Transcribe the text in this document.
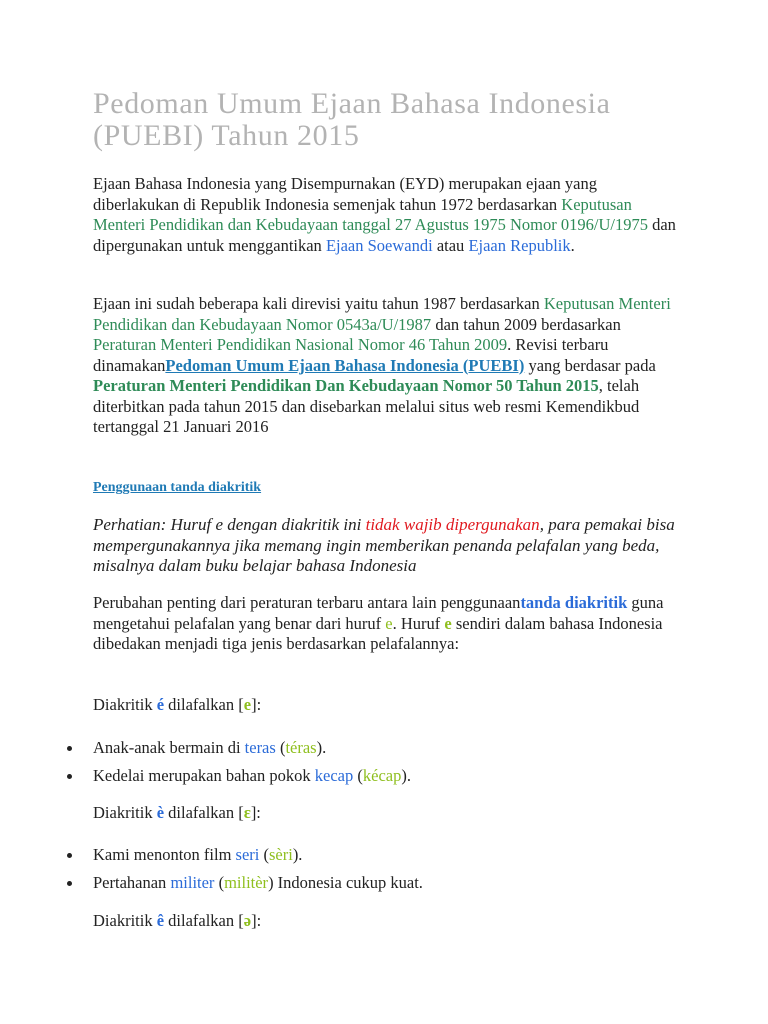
Pedoman Umum Ejaan Bahasa Indonesia (PUEBI) Tahun 2015
Ejaan Bahasa Indonesia yang Disempurnakan (EYD) merupakan ejaan yang diberlakukan di Republik Indonesia semenjak tahun 1972 berdasarkan Keputusan Menteri Pendidikan dan Kebudayaan tanggal 27 Agustus 1975 Nomor 0196/U/1975 dan dipergunakan untuk menggantikan Ejaan Soewandi atau Ejaan Republik.
Ejaan ini sudah beberapa kali direvisi yaitu tahun 1987 berdasarkan Keputusan Menteri Pendidikan dan Kebudayaan Nomor 0543a/U/1987 dan tahun 2009 berdasarkan Peraturan Menteri Pendidikan Nasional Nomor 46 Tahun 2009. Revisi terbaru dinamakanPedoman Umum Ejaan Bahasa Indonesia (PUEBI) yang berdasar pada Peraturan Menteri Pendidikan Dan Kebudayaan Nomor 50 Tahun 2015, telah diterbitkan pada tahun 2015 dan disebarkan melalui situs web resmi Kemendikbud tertanggal 21 Januari 2016
Penggunaan tanda diakritik
Perhatian: Huruf e dengan diakritik ini tidak wajib dipergunakan, para pemakai bisa mempergunakannya jika memang ingin memberikan penanda pelafalan yang beda, misalnya dalam buku belajar bahasa Indonesia
Perubahan penting dari peraturan terbaru antara lain penggunaantanda diakritik guna mengetahui pelafalan yang benar dari huruf e. Huruf e sendiri dalam bahasa Indonesia dibedakan menjadi tiga jenis berdasarkan pelafalannya:
Diakritik é dilafalkan [e]:
Anak-anak bermain di teras (téras).
Kedelai merupakan bahan pokok kecap (kécap).
Diakritik è dilafalkan [ɛ]:
Kami menonton film seri (sèri).
Pertahanan militer (militèr) Indonesia cukup kuat.
Diakritik ê dilafalkan [ə]:
